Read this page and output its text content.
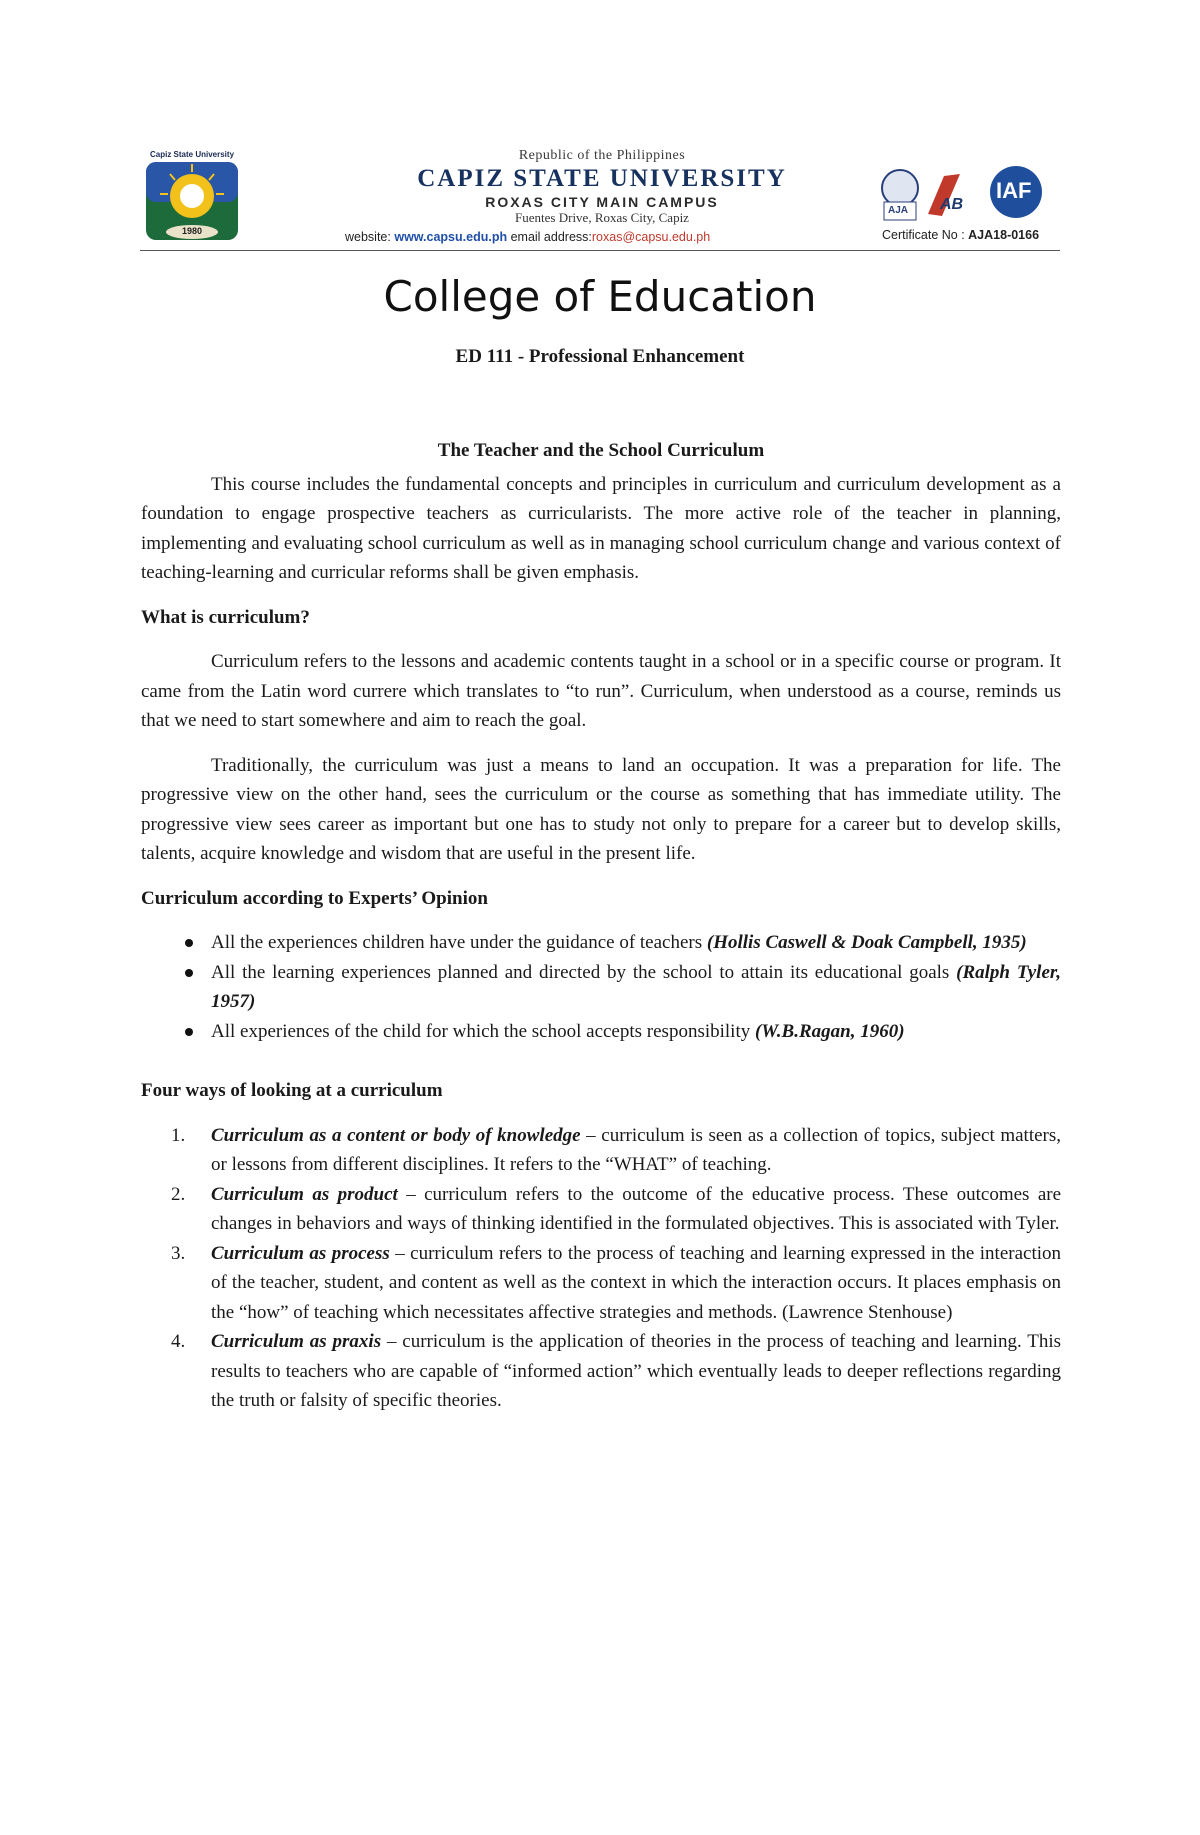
Capiz State University
1980
Republic of the Philippines
CAPIZ STATE UNIVERSITY
ROXAS CITY MAIN CAMPUS
Fuentes Drive, Roxas City, Capiz
website: www.capsu.edu.ph email address:roxas@capsu.edu.ph
AJA AB
IAF
Certificate No : AJA18-0166
College of Education
ED 111 - Professional Enhancement
The Teacher and the School Curriculum

This course includes the fundamental concepts and principles in curriculum and curriculum development as a foundation to engage prospective teachers as curricularists. The more active role of the teacher in planning, implementing and evaluating school curriculum as well as in managing school curriculum change and various context of teaching-learning and curricular reforms shall be given emphasis.

What is curriculum?

Curriculum refers to the lessons and academic contents taught in a school or in a specific course or program. It came from the Latin word currere which translates to “to run”. Curriculum, when understood as a course, reminds us that we need to start somewhere and aim to reach the goal.

Traditionally, the curriculum was just a means to land an occupation. It was a preparation for life. The progressive view on the other hand, sees the curriculum or the course as something that has immediate utility. The progressive view sees career as important but one has to study not only to prepare for a career but to develop skills, talents, acquire knowledge and wisdom that are useful in the present life.

Curriculum according to Experts’ Opinion
All the experiences children have under the guidance of teachers (Hollis Caswell & Doak Campbell, 1935)
All the learning experiences planned and directed by the school to attain its educational goals (Ralph Tyler, 1957)
All experiences of the child for which the school accepts responsibility (W.B.Ragan, 1960)
Four ways of looking at a curriculum
1. Curriculum as a content or body of knowledge – curriculum is seen as a collection of topics, subject matters, or lessons from different disciplines. It refers to the “WHAT” of teaching.
2. Curriculum as product – curriculum refers to the outcome of the educative process. These outcomes are changes in behaviors and ways of thinking identified in the formulated objectives. This is associated with Tyler.
3. Curriculum as process – curriculum refers to the process of teaching and learning expressed in the interaction of the teacher, student, and content as well as the context in which the interaction occurs. It places emphasis on the “how” of teaching which necessitates affective strategies and methods. (Lawrence Stenhouse)
4. Curriculum as praxis – curriculum is the application of theories in the process of teaching and learning. This results to teachers who are capable of “informed action” which eventually leads to deeper reflections regarding the truth or falsity of specific theories.
